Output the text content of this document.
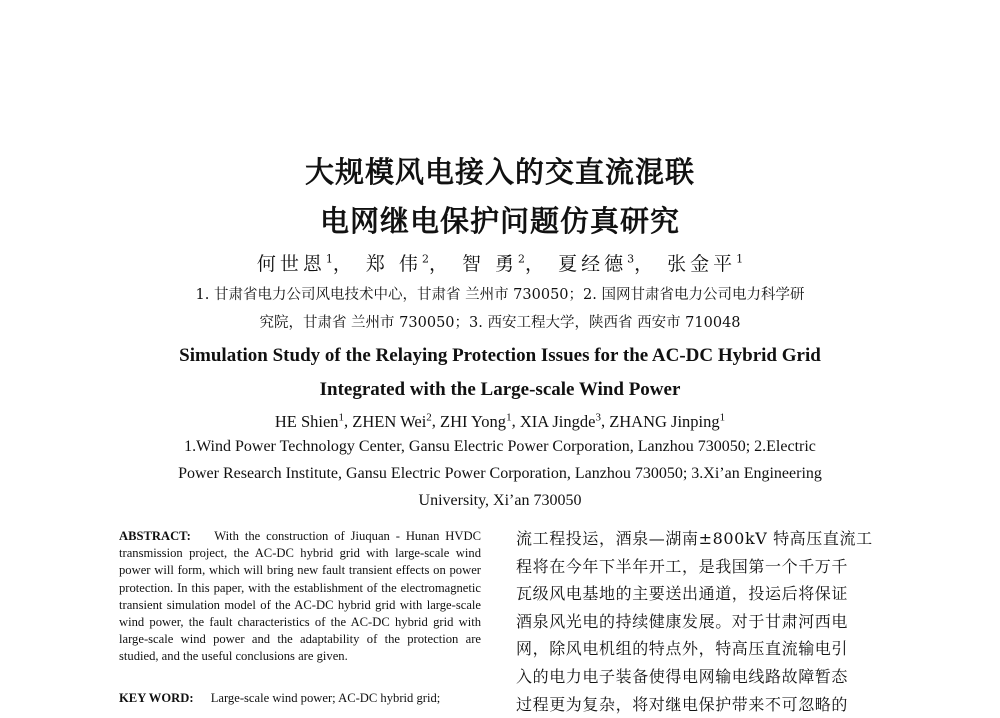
大规模风电接入的交直流混联
电网继电保护问题仿真研究
何世恩$^1$， 郑 伟$^2$， 智 勇$^2$， 夏经德$^3$， 张金平$^1$
1. 甘肃省电力公司风电技术中心，甘肃省 兰州市 730050；2. 国网甘肃省电力公司电力科学研
究院，甘肃省 兰州市 730050；3. 西安工程大学，陕西省 西安市 710048
Simulation Study of the Relaying Protection Issues for the AC-DC Hybrid Grid
Integrated with the Large-scale Wind Power
HE Shien$^1$, ZHEN Wei$^2$, ZHI Yong$^1$, XIA Jingde$^3$, ZHANG Jinping$^1$
1.Wind Power Technology Center, Gansu Electric Power Corporation, Lanzhou 730050; 2.Electric
Power Research Institute, Gansu Electric Power Corporation, Lanzhou 730050; 3.Xi’an Engineering
University, Xi’an 730050
ABSTRACT: With the construction of Jiuquan - Hunan HVDC transmission project, the AC-DC hybrid grid with large-scale wind power will form, which will bring new fault transient effects on power protection. In this paper, with the establishment of the electromagnetic transient simulation model of the AC-DC hybrid grid with large-scale wind power, the fault characteristics of the AC-DC hybrid grid with large-scale wind power and the adaptability of the protection are studied, and the useful conclusions are given.
KEY WORD: Large-scale wind power; AC-DC hybrid grid;
流工程投运，酒泉—湖南±800kV 特高压直流工
程将在今年下半年开工，是我国第一个千万千
瓦级风电基地的主要送出通道，投运后将保证
酒泉风光电的持续健康发展。对于甘肃河西电
网，除风电机组的特点外，特高压直流输电引
入的电力电子装备使得电网输电线路故障暂态
过程更为复杂，将对继电保护带来不可忽略的
